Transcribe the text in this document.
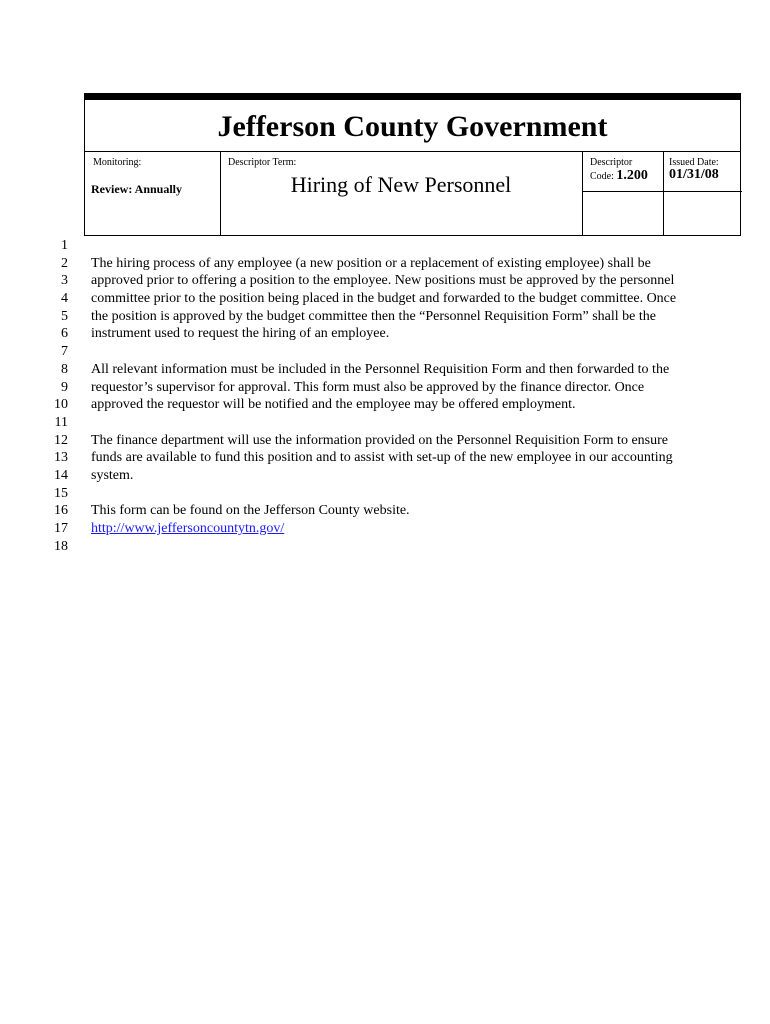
Jefferson County Government
Monitoring:
Review: Annually
Descriptor Term:
Hiring of New Personnel
Descriptor
Code: 1.200
Issued Date:
01/31/08
1
2
3
4
5
6
7
8
9
10
11
12
13
14
15
16
17
18
The hiring process of any employee (a new position or a replacement of existing employee) shall be
approved prior to offering a position to the employee. New positions must be approved by the personnel
committee prior to the position being placed in the budget and forwarded to the budget committee. Once
the position is approved by the budget committee then the “Personnel Requisition Form” shall be the
instrument used to request the hiring of an employee.
All relevant information must be included in the Personnel Requisition Form and then forwarded to the
requestor’s supervisor for approval. This form must also be approved by the finance director. Once
approved the requestor will be notified and the employee may be offered employment.
The finance department will use the information provided on the Personnel Requisition Form to ensure
funds are available to fund this position and to assist with set-up of the new employee in our accounting
system.
This form can be found on the Jefferson County website.
http://www.jeffersoncountytn.gov/
